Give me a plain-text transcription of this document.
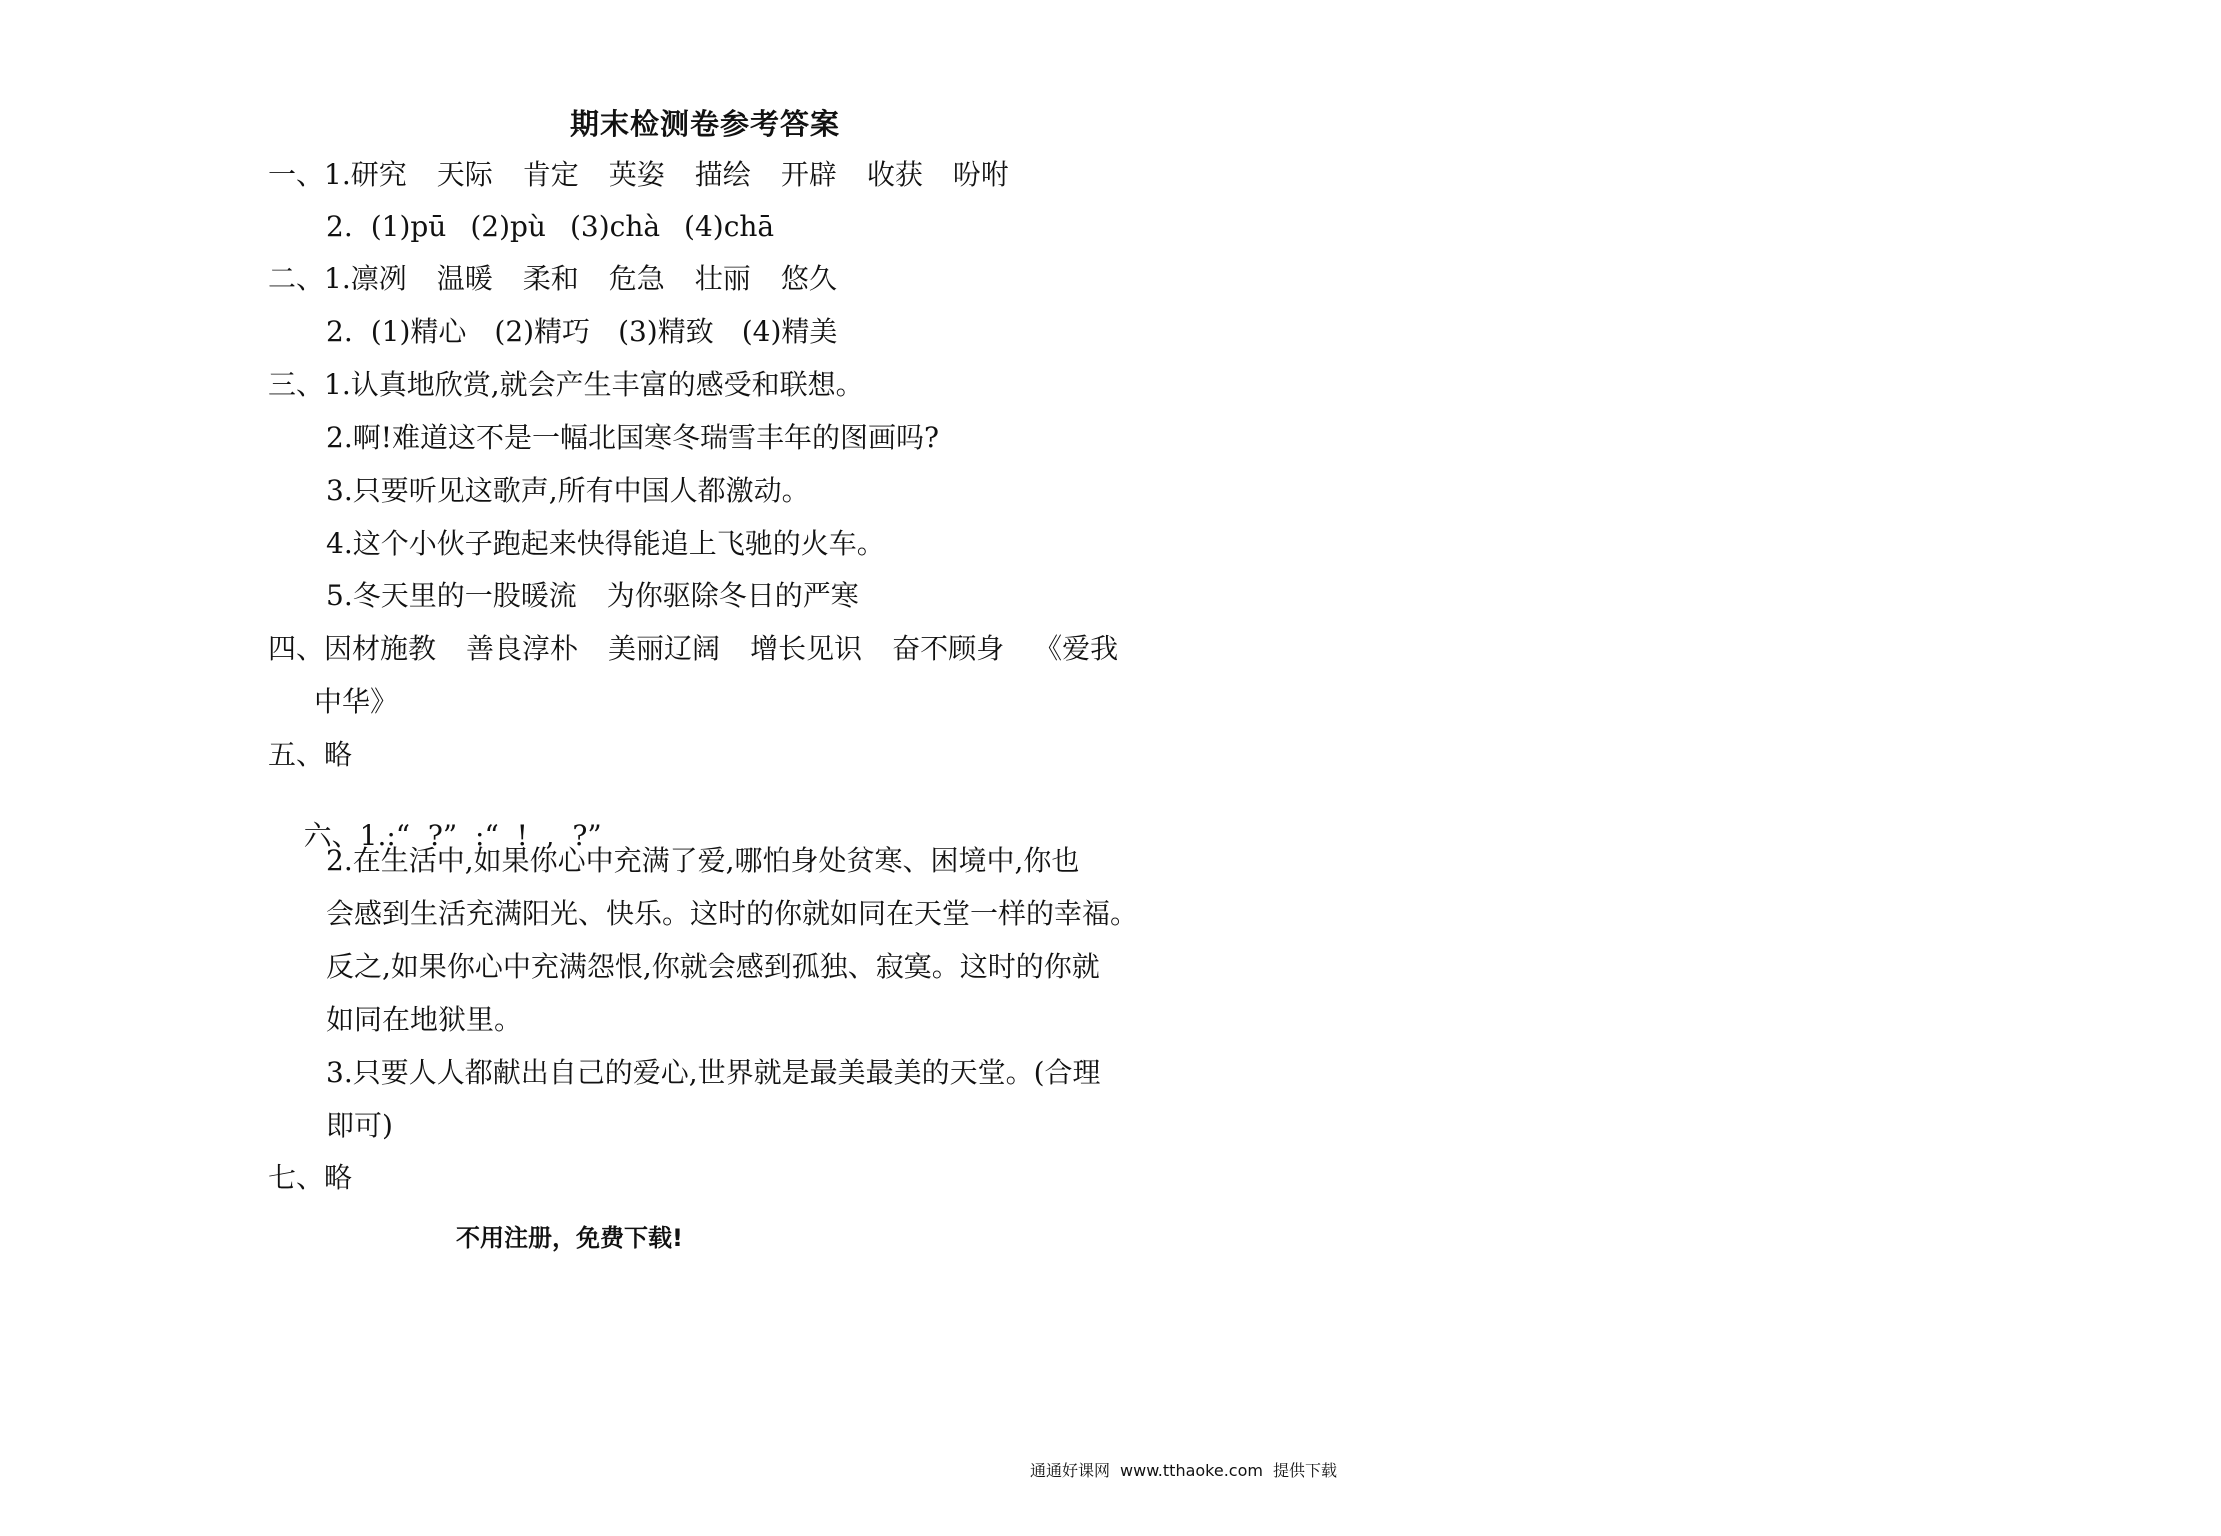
期末检测卷参考答案
一、1.研究 天际 肯定 英姿 描绘 开辟 收获 吩咐
2. (1)pū (2)pù (3)chà (4)chā
二、1.凛冽 温暖 柔和 危急 壮丽 悠久
2. (1)精心 (2)精巧 (3)精致 (4)精美
三、1.认真地欣赏,就会产生丰富的感受和联想。
2.啊!难道这不是一幅北国寒冬瑞雪丰年的图画吗?
3.只要听见这歌声,所有中国人都激动。
4.这个小伙子跑起来快得能追上飞驰的火车。
5.冬天里的一股暖流 为你驱除冬日的严寒
四、因材施教 善良淳朴 美丽辽阔 增长见识 奋不顾身 《爱我
中华》
五、略

六、1.:“  ?”  :“  !  ,  ?”

2.在生活中,如果你心中充满了爱,哪怕身处贫寒、困境中,你也
会感到生活充满阳光、快乐。这时的你就如同在天堂一样的幸福。
反之,如果你心中充满怨恨,你就会感到孤独、寂寞。这时的你就
如同在地狱里。
3.只要人人都献出自己的爱心,世界就是最美最美的天堂。(合理
即可)
七、略
不用注册，免费下载!
通通好课网 www.tthaoke.com 提供下载
